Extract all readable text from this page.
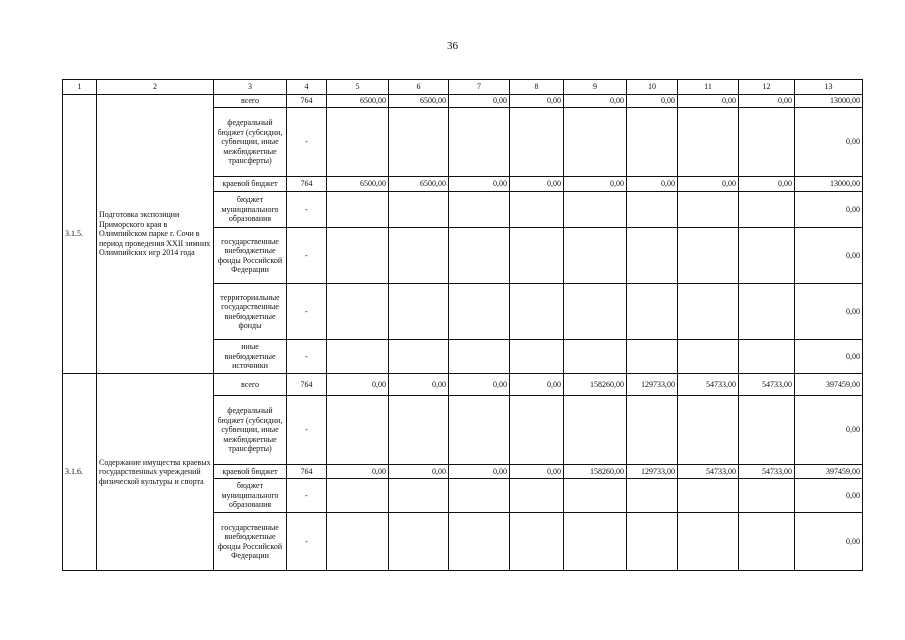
36
1	2	3	4	5	6	7	8	9	10	11	12	13
3.1.5.	Подготовка экспозиции Приморского края в Олимпийском парке г. Сочи в период проведения XXII зимних Олимпийских игр 2014 года	всего	764	6500,00	6500,00	0,00	0,00	0,00	0,00	0,00	0,00	13000,00
		федеральный бюджет (субсидии, субвенции, иные межбюджетные трансферты)	-									0,00
		краевой бюджет	764	6500,00	6500,00	0,00	0,00	0,00	0,00	0,00	0,00	13000,00
		бюджет муниципального образования	-									0,00
		государственные внебюджетные фонды Российской Федерации	-									0,00
		территориальные государственные внебюджетные фонды	-									0,00
		иные внебюджетные источники	-									0,00
3.1.6.	Содержание имущества краевых государственных учреждений физической культуры и спорта	всего	764	0,00	0,00	0,00	0,00	158260,00	129733,00	54733,00	54733,00	397459,00
		федеральный бюджет (субсидии, субвенции, иные межбюджетные трансферты)	-									0,00
		краевой бюджет	764	0,00	0,00	0,00	0,00	158260,00	129733,00	54733,00	54733,00	397459,00
		бюджет муниципального образования	-									0,00
		государственные внебюджетные фонды Российской Федерации	-									0,00
